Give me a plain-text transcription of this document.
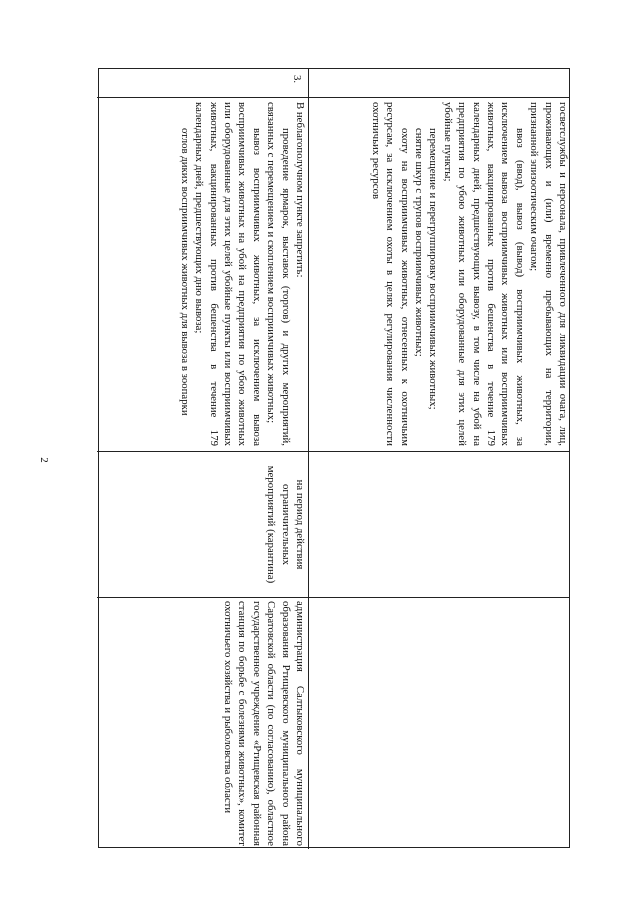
2

госветслужбы и персонала, привлеченного для ликвидации очага, лиц, проживающих и (или) временно пребывающих на территории, признанной эпизоотическим очагом;

ввоз (ввод), вывоз (вывод) восприимчивых животных, за исключением вывоза восприимчивых животных или восприимчивых животных, вакцинированных против бешенства в течение 179 календарных дней, предшествующих вывозу, в том числе на убой на предприятия по убою животных или оборудованные для этих целей убойные пункты;

перемещение и перегруппировку восприимчивых животных;

снятие шкур с трупов восприимчивых животных;

охоту на восприимчивых животных, отнесенных к охотничьим ресурсам, за исключением охоты в целях регулирования численности охотничьих ресурсов

3.

В неблагополучном пункте запретить:

проведение ярмарок, выставок (торгов) и других мероприятий, связанных с перемещением и скоплением восприимчивых животных;

вывоз восприимчивых животных, за исключением вывоза восприимчивых животных на убой на предприятия по убою животных или оборудованные для этих целей убойные пункты или восприимчивых животных, вакцинированных против бешенства в течение 179 календарных дней, предшествующих дню вывоза;

отлов диких восприимчивых животных для вывоза в зоопарки

на период действия ограничительных мероприятий (карантина)
администрация Салтыковского муниципального образования Ртищевского муниципального района Саратовской области (по согласованию), областное государственное учреждение «Ртищевская районная станция по борьбе с болезнями животных», комитет охотничьего хозяйства и рыболовства области
